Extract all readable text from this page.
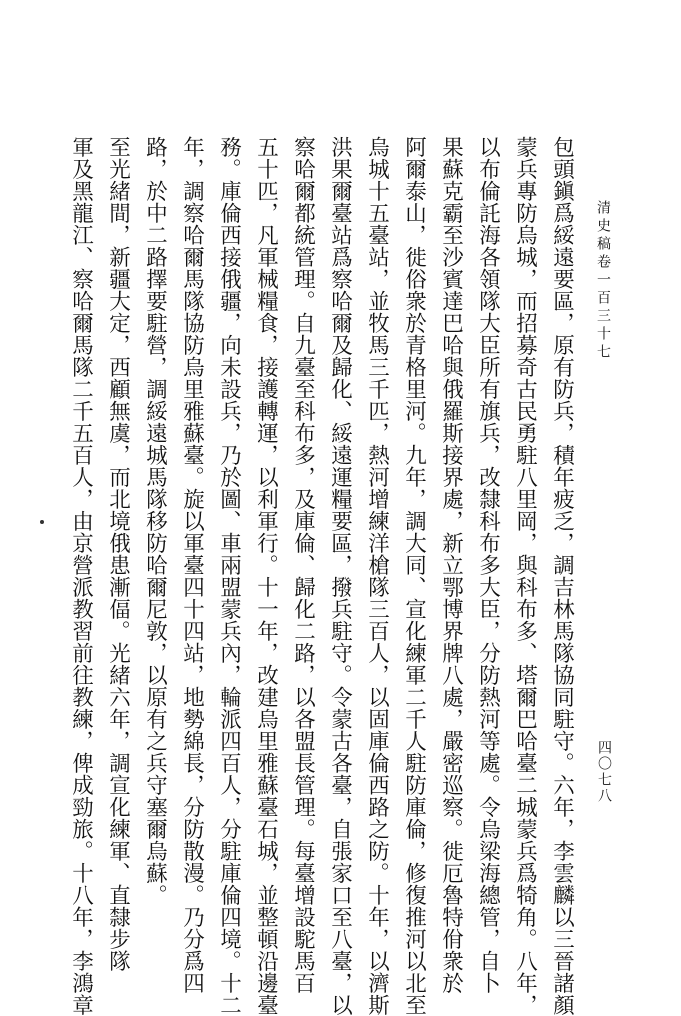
清史稿卷一百三十七
四〇七八
包頭鎭爲綏遠要區，原有防兵，積年疲乏，調吉林馬隊協同駐守。六年，李雲麟以三晉諸顏
蒙兵專防烏城，而招募奇古民勇駐八里岡，與科布多、塔爾巴哈臺二城蒙兵爲犄角。八年，
以布倫託海各領隊大臣所有旗兵，改隸科布多大臣，分防熱河等處。令烏梁海總管，自卜
果蘇克霸至沙賓達巴哈與俄羅斯接界處，新立鄂博界牌八處，嚴密巡察。徙厄魯特佾衆於
阿爾泰山，徙俗衆於青格里河。九年，調大同、宣化練軍二千人駐防庫倫，修復推河以北至
烏城十五臺站，並牧馬三千匹，熱河增練洋槍隊三百人，以固庫倫西路之防。十年，以濟斯
洪果爾臺站爲察哈爾及歸化、綏遠運糧要區，撥兵駐守。令蒙古各臺，自張家口至八臺，以
察哈爾都統管理。自九臺至科布多，及庫倫、歸化二路，以各盟長管理。每臺增設駝馬百
五十匹，凡軍械糧食，接護轉運，以利軍行。十一年，改建烏里雅蘇臺石城，並整頓沿邊臺
務。庫倫西接俄疆，向未設兵，乃於圖、車兩盟蒙兵內，輪派四百人，分駐庫倫四境。十二
年，調察哈爾馬隊協防烏里雅蘇臺。旋以軍臺四十四站，地勢綿長，分防散漫。乃分爲四
路，於中二路擇要駐營，調綏遠城馬隊移防哈爾尼敦，以原有之兵守塞爾烏蘇。
至光緒間，新疆大定，西顧無虞，而北境俄患漸偪。光緒六年，調宣化練軍、直隸步隊
軍及黑龍江、察哈爾馬隊二千五百人，由京營派教習前往教練，俾成勁旅。十八年，李鴻章
